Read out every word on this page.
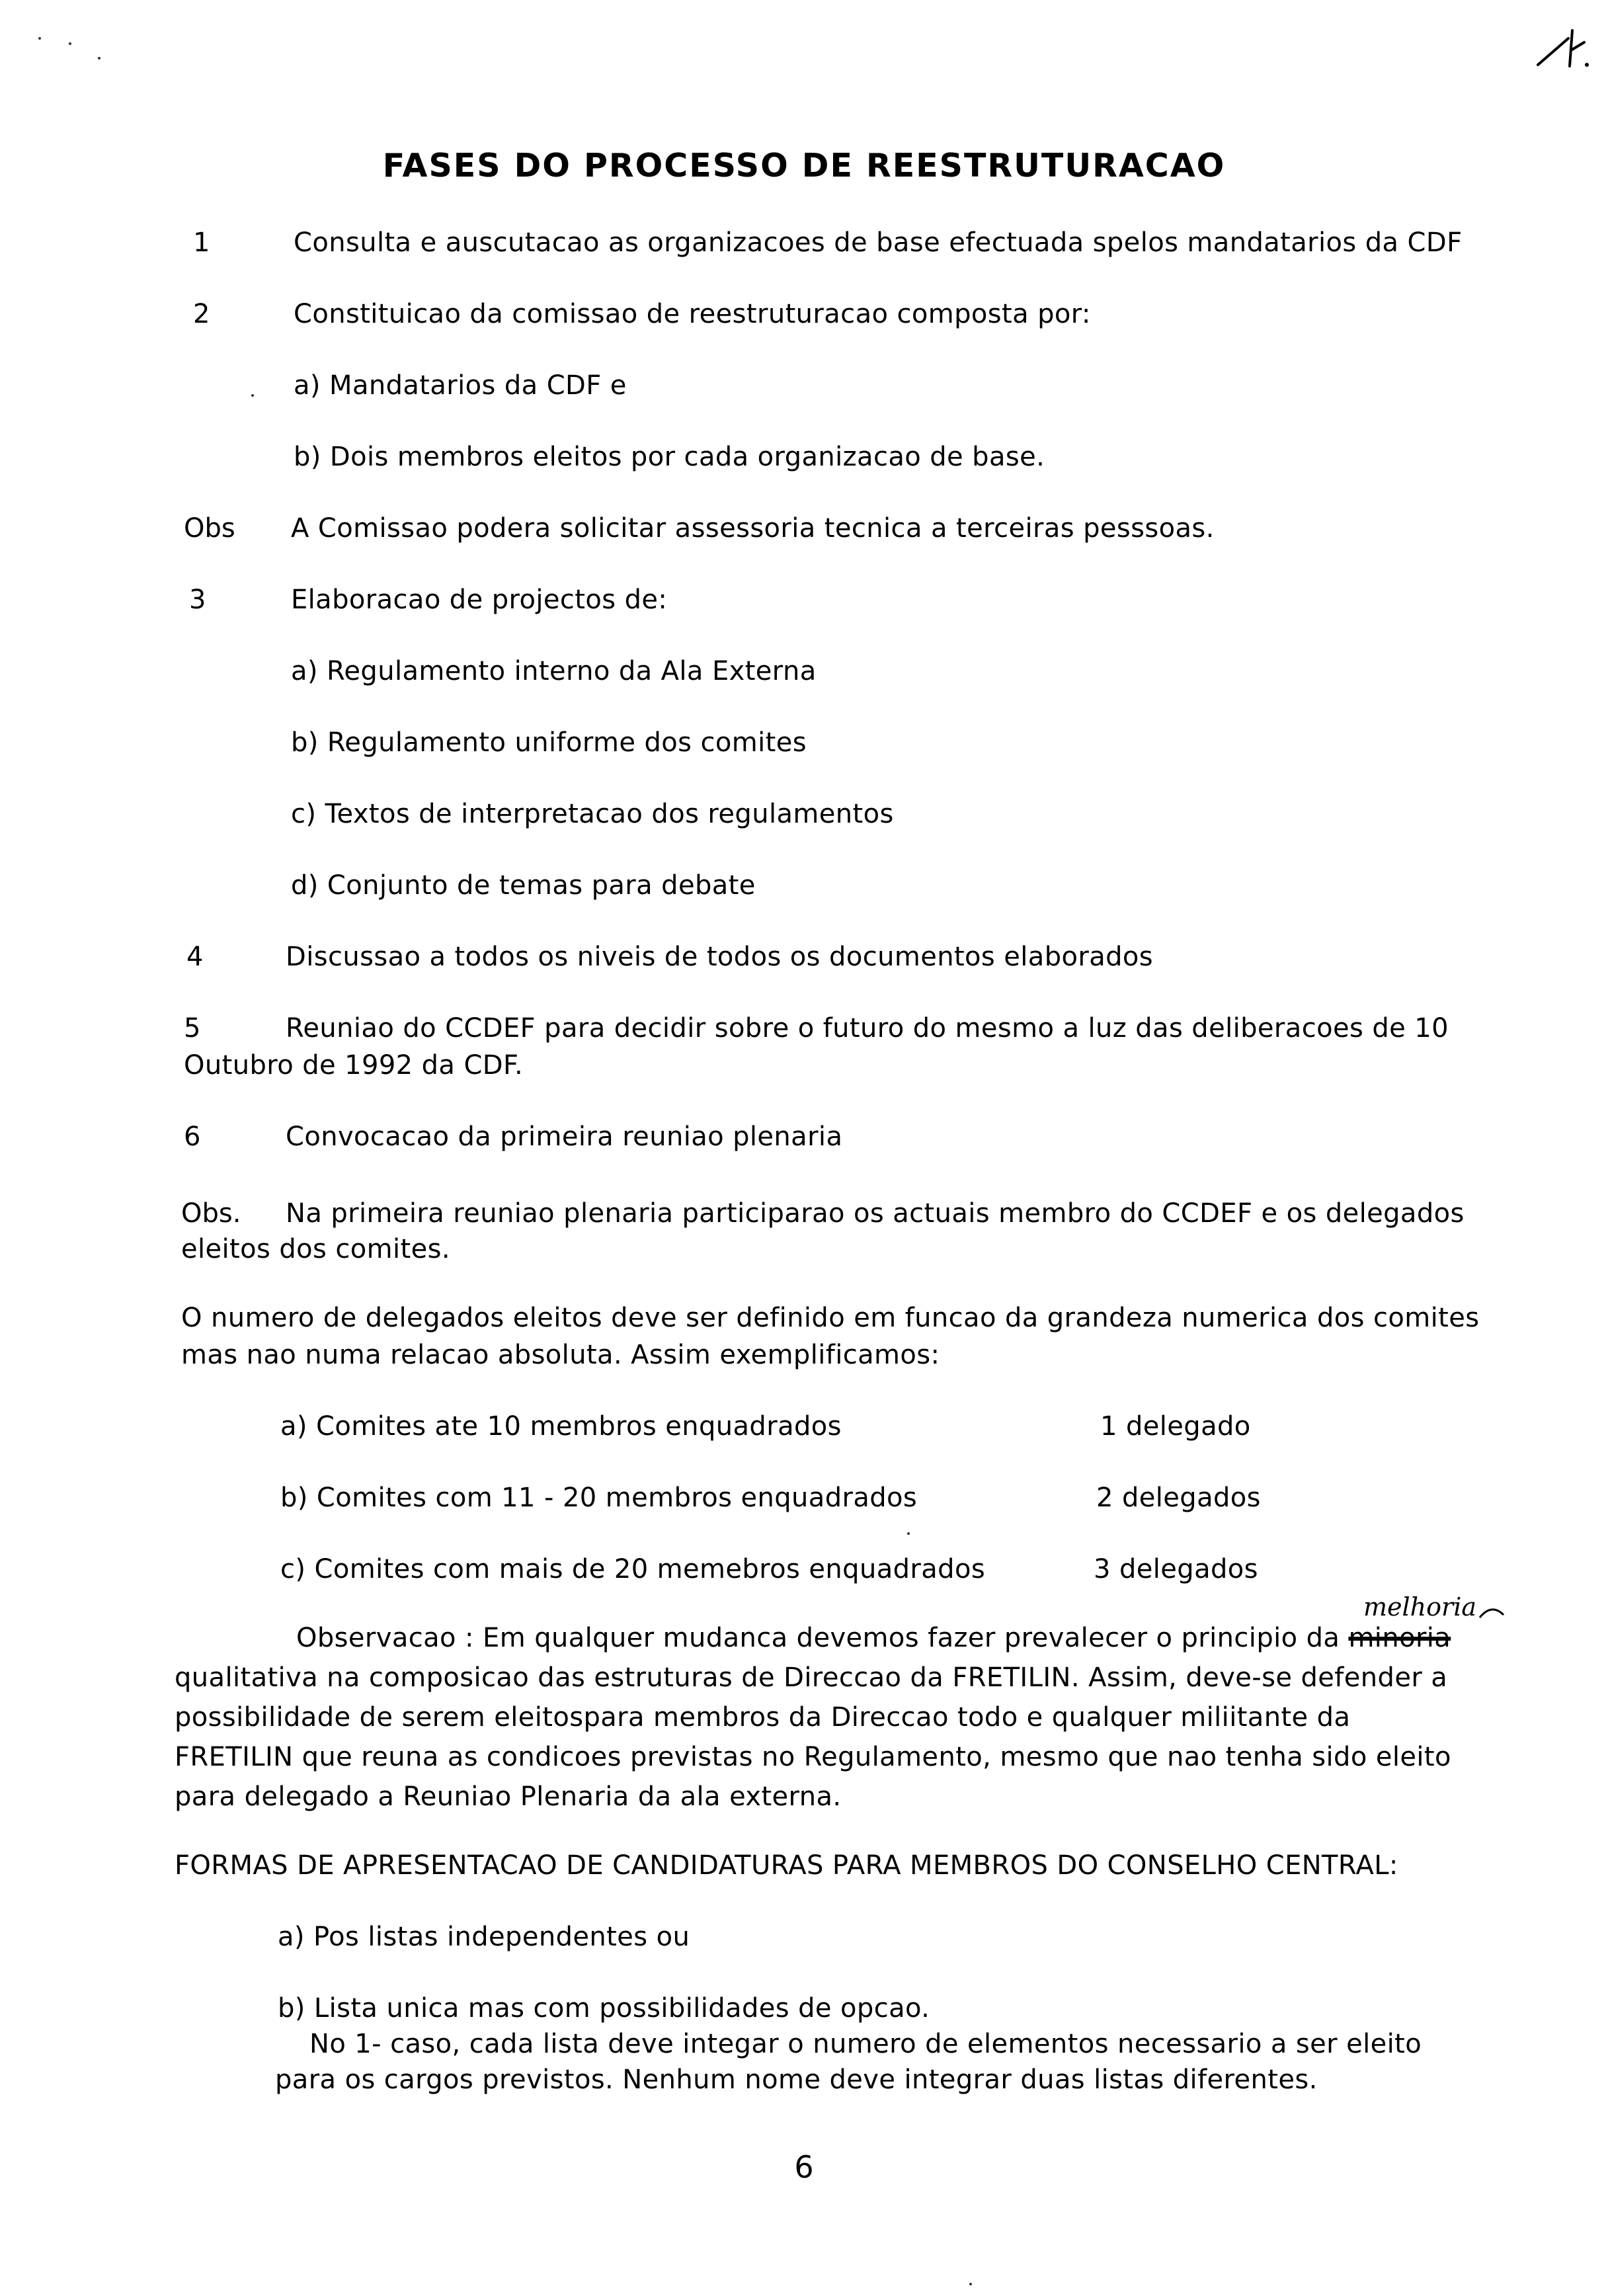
FASES DO PROCESSO DE REESTRUTURACAO
1	Consulta e auscutacao as organizacoes de base efectuada spelos mandatarios da CDF
2	Constituicao da comissao de reestruturacao composta por:
a) Mandatarios da CDF e
b) Dois membros eleitos por cada organizacao de base.
Obs A Comissao podera solicitar assessoria tecnica a terceiras pesssoas.
3	Elaboracao de projectos de:
a) Regulamento interno da Ala Externa
b) Regulamento uniforme dos comites
c) Textos de interpretacao dos regulamentos
d) Conjunto de temas para debate
4	Discussao a todos os niveis de todos os documentos elaborados
5	Reuniao do CCDEF para decidir sobre o futuro do mesmo a luz das deliberacoes de 10
Outubro de 1992 da CDF.
6	Convocacao da primeira reuniao plenaria
Obs. Na primeira reuniao plenaria participarao os actuais membro do CCDEF e os delegados
eleitos dos comites.
O numero de delegados eleitos deve ser definido em funcao da grandeza numerica dos comites
mas nao numa relacao absoluta. Assim exemplificamos:
a) Comites ate 10 membros enquadrados	1 delegado
b) Comites com 11 - 20 membros enquadrados	2 delegados
c) Comites com mais de 20 memebros enquadrados	3 delegados
melhoria
Observacao : Em qualquer mudanca devemos fazer prevalecer o principio da minoria
qualitativa na composicao das estruturas de Direccao da FRETILIN. Assim, deve-se defender a
possibilidade de serem eleitospara membros da Direccao todo e qualquer miliitante da
FRETILIN que reuna as condicoes previstas no Regulamento, mesmo que nao tenha sido eleito
para delegado a Reuniao Plenaria da ala externa.
FORMAS DE APRESENTACAO DE CANDIDATURAS PARA MEMBROS DO CONSELHO CENTRAL:
a) Pos listas independentes ou
b) Lista unica mas com possibilidades de opcao.
No 1- caso, cada lista deve integar o numero de elementos necessario a ser eleito
para os cargos previstos. Nenhum nome deve integrar duas listas diferentes.
6
